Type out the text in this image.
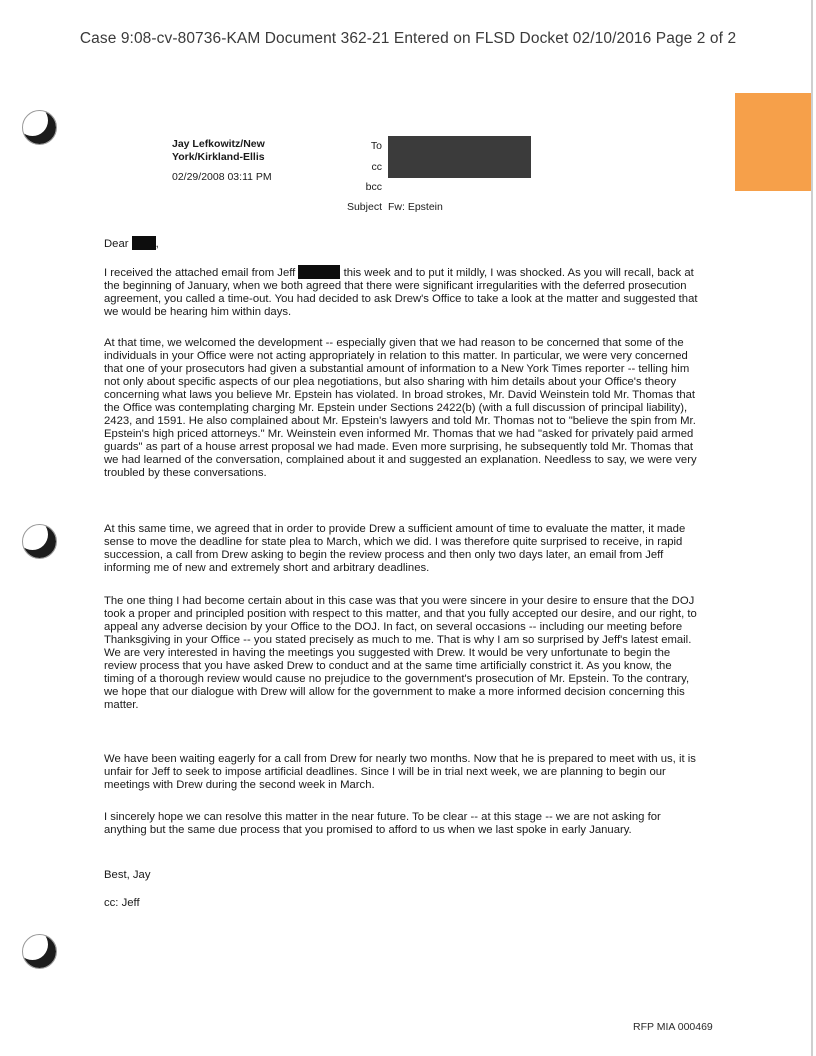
Case 9:08-cv-80736-KAM Document 362-21 Entered on FLSD Docket 02/10/2016 Page 2 of 2
Jay Lefkowitz/New
York/Kirkland-Ellis
02/29/2008 03:11 PM
To
cc
bcc
Subject Fw: Epstein

Dear ,

I received the attached email from Jeff	this week and to put it mildly, I was shocked. As you will recall, back at the beginning of January, when we both agreed that there were significant irregularities with the deferred prosecution agreement, you called a time-out. You had decided to ask Drew's Office to take a look at the matter and suggested that we would be hearing him within days.

At that time, we welcomed the development -- especially given that we had reason to be concerned that some of the individuals in your Office were not acting appropriately in relation to this matter. In particular, we were very concerned that one of your prosecutors had given a substantial amount of information to a New York Times reporter -- telling him not only about specific aspects of our plea negotiations, but also sharing with him details about your Office's theory concerning what laws you believe Mr. Epstein has violated. In broad strokes, Mr. David Weinstein told Mr. Thomas that the Office was contemplating charging Mr. Epstein under Sections 2422(b) (with a full discussion of principal liability), 2423, and 1591. He also complained about Mr. Epstein's lawyers and told Mr. Thomas not to "believe the spin from Mr. Epstein's high priced attorneys." Mr. Weinstein even informed Mr. Thomas that we had "asked for privately paid armed guards" as part of a house arrest proposal we had made. Even more surprising, he subsequently told Mr. Thomas that we had learned of the conversation, complained about it and suggested an explanation. Needless to say, we were very troubled by these conversations.

At this same time, we agreed that in order to provide Drew a sufficient amount of time to evaluate the matter, it made sense to move the deadline for state plea to March, which we did. I was therefore quite surprised to receive, in rapid succession, a call from Drew asking to begin the review process and then only two days later, an email from Jeff informing me of new and extremely short and arbitrary deadlines.

The one thing I had become certain about in this case was that you were sincere in your desire to ensure that the DOJ took a proper and principled position with respect to this matter, and that you fully accepted our desire, and our right, to appeal any adverse decision by your Office to the DOJ. In fact, on several occasions -- including our meeting before Thanksgiving in your Office -- you stated precisely as much to me. That is why I am so surprised by Jeff's latest email. We are very interested in having the meetings you suggested with Drew. It would be very unfortunate to begin the review process that you have asked Drew to conduct and at the same time artificially constrict it. As you know, the timing of a thorough review would cause no prejudice to the government's prosecution of Mr. Epstein. To the contrary, we hope that our dialogue with Drew will allow for the government to make a more informed decision concerning this matter.

We have been waiting eagerly for a call from Drew for nearly two months. Now that he is prepared to meet with us, it is unfair for Jeff to seek to impose artificial deadlines. Since I will be in trial next week, we are planning to begin our meetings with Drew during the second week in March.

I sincerely hope we can resolve this matter in the near future. To be clear -- at this stage -- we are not asking for anything but the same due process that you promised to afford to us when we last spoke in early January.

Best, Jay

cc: Jeff

RFP MIA 000469
